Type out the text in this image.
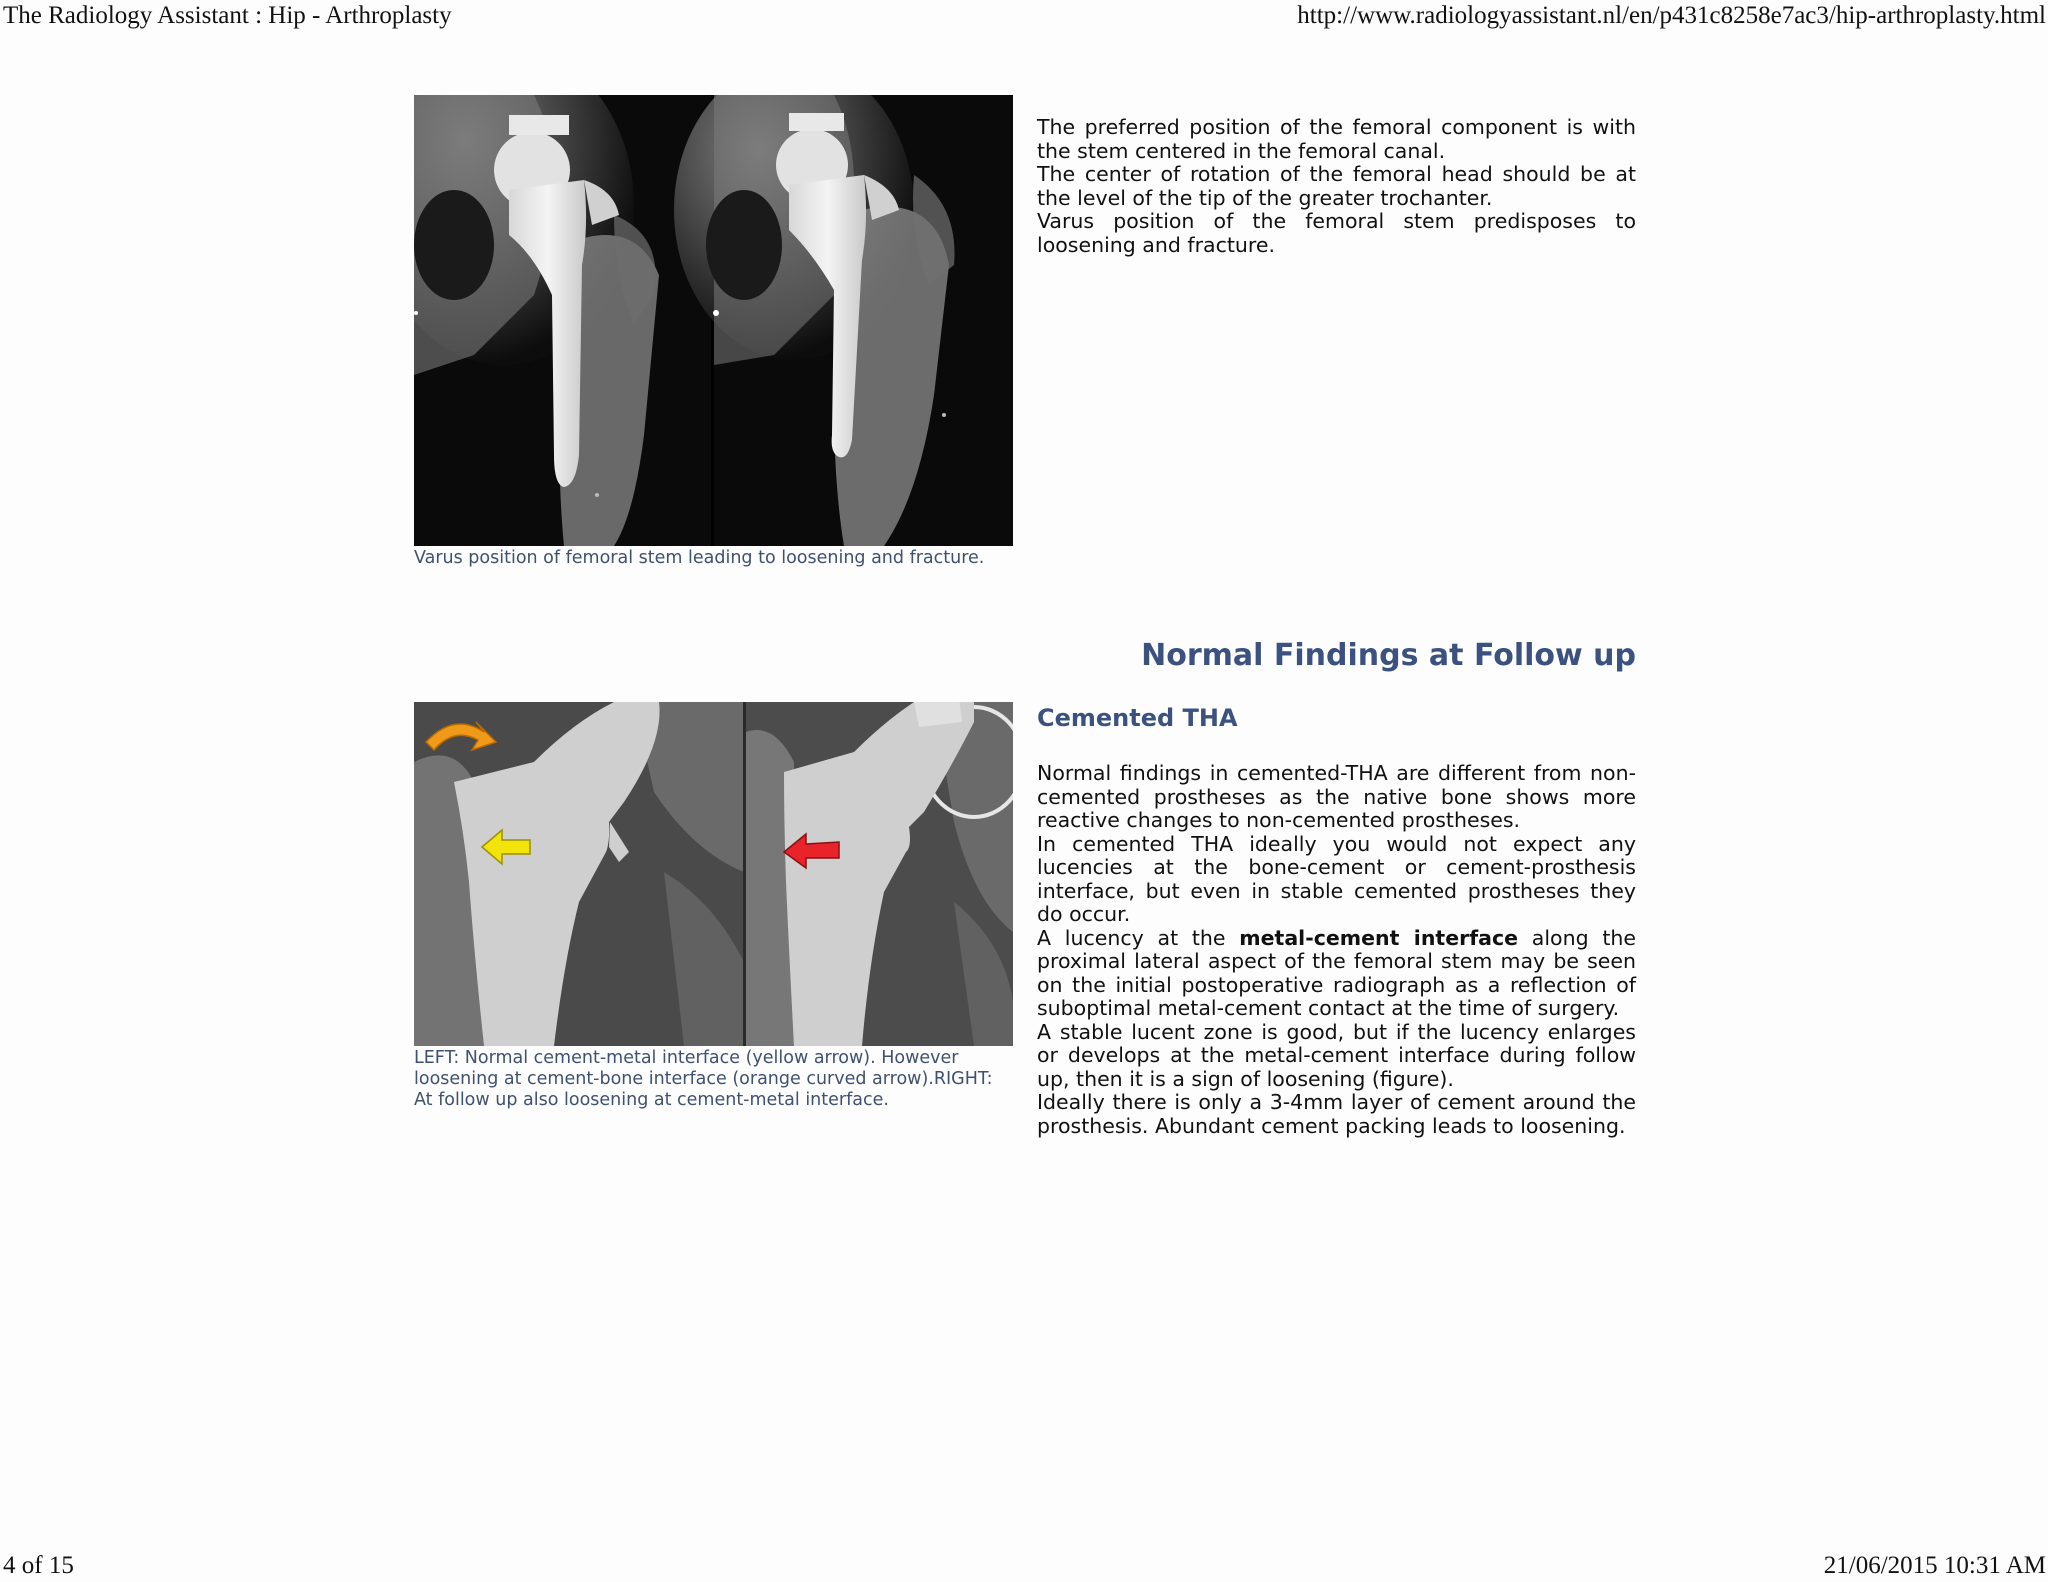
The Radiology Assistant : Hip - Arthroplasty	http://www.radiologyassistant.nl/en/p431c8258e7ac3/hip-arthroplasty.html
Varus position of femoral stem leading to loosening and fracture.

The preferred position of the femoral component is with the stem centered in the femoral canal.

The center of rotation of the femoral head should be at the level of the tip of the greater trochanter.

Varus position of the femoral stem predisposes to loosening and fracture.

Normal Findings at Follow up
Cemented THA
LEFT: Normal cement-metal interface (yellow arrow). However loosening at cement-bone interface (orange curved arrow).RIGHT: At follow up also loosening at cement-metal interface.

Normal findings in cemented-THA are different from non-cemented prostheses as the native bone shows more reactive changes to non-cemented prostheses.

In cemented THA ideally you would not expect any lucencies at the bone-cement or cement-prosthesis interface, but even in stable cemented prostheses they do occur.

A lucency at the metal-cement interface along the proximal lateral aspect of the femoral stem may be seen on the initial postoperative radiograph as a reflection of suboptimal metal-cement contact at the time of surgery.

A stable lucent zone is good, but if the lucency enlarges or develops at the metal-cement interface during follow up, then it is a sign of loosening (figure).

Ideally there is only a 3-4mm layer of cement around the prosthesis. Abundant cement packing leads to loosening.

4 of 15	21/06/2015 10:31 AM
